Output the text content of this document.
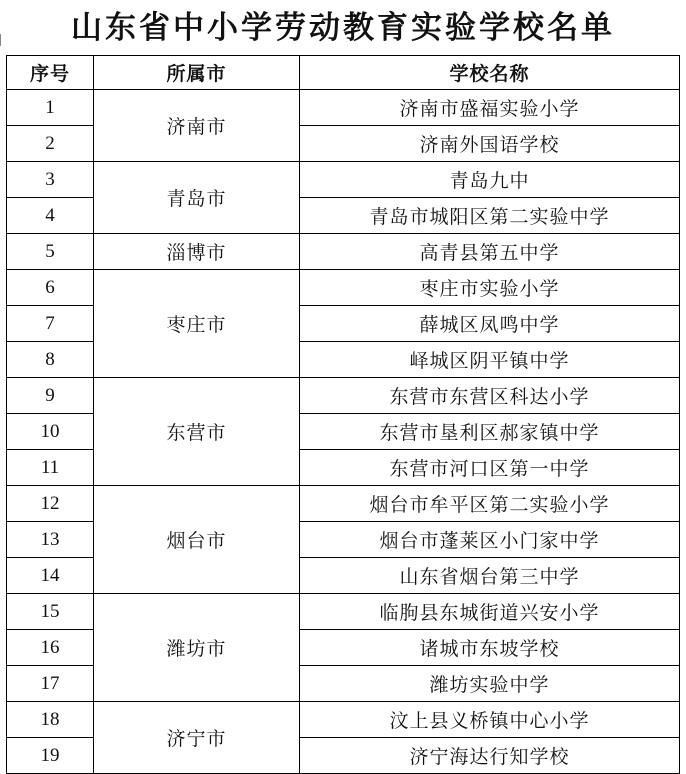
山东省中小学劳动教育实验学校名单
序号	所属市	学校名称
1	济南市	济南市盛福实验小学
2		济南外国语学校
3	青岛市	青岛九中
4		青岛市城阳区第二实验中学
5	淄博市	高青县第五中学
6	枣庄市	枣庄市实验小学
7		薛城区凤鸣中学
8		峄城区阴平镇中学
9	东营市	东营市东营区科达小学
10		东营市垦利区郝家镇中学
11		东营市河口区第一中学
12	烟台市	烟台市牟平区第二实验小学
13		烟台市蓬莱区小门家中学
14		山东省烟台第三中学
15	潍坊市	临朐县东城街道兴安小学
16		诸城市东坡学校
17		潍坊实验中学
18	济宁市	汶上县义桥镇中心小学
19		济宁海达行知学校
